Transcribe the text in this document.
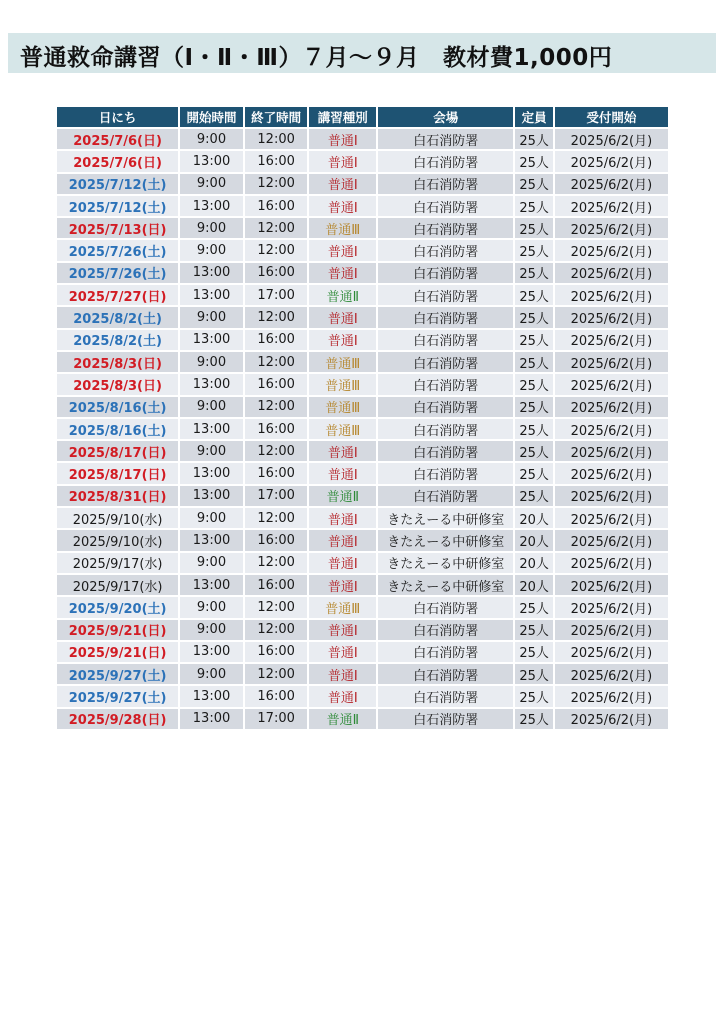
普通救命講習（Ⅰ・Ⅱ・Ⅲ）７月～９月　教材費1,000円
日にち	開始時間	終了時間	講習種別	会場	定員	受付開始
2025/7/6(日)	9:00	12:00	普通Ⅰ	白石消防署	25人	2025/6/2(月)
2025/7/6(日)	13:00	16:00	普通Ⅰ	白石消防署	25人	2025/6/2(月)
2025/7/12(土)	9:00	12:00	普通Ⅰ	白石消防署	25人	2025/6/2(月)
2025/7/12(土)	13:00	16:00	普通Ⅰ	白石消防署	25人	2025/6/2(月)
2025/7/13(日)	9:00	12:00	普通Ⅲ	白石消防署	25人	2025/6/2(月)
2025/7/26(土)	9:00	12:00	普通Ⅰ	白石消防署	25人	2025/6/2(月)
2025/7/26(土)	13:00	16:00	普通Ⅰ	白石消防署	25人	2025/6/2(月)
2025/7/27(日)	13:00	17:00	普通Ⅱ	白石消防署	25人	2025/6/2(月)
2025/8/2(土)	9:00	12:00	普通Ⅰ	白石消防署	25人	2025/6/2(月)
2025/8/2(土)	13:00	16:00	普通Ⅰ	白石消防署	25人	2025/6/2(月)
2025/8/3(日)	9:00	12:00	普通Ⅲ	白石消防署	25人	2025/6/2(月)
2025/8/3(日)	13:00	16:00	普通Ⅲ	白石消防署	25人	2025/6/2(月)
2025/8/16(土)	9:00	12:00	普通Ⅲ	白石消防署	25人	2025/6/2(月)
2025/8/16(土)	13:00	16:00	普通Ⅲ	白石消防署	25人	2025/6/2(月)
2025/8/17(日)	9:00	12:00	普通Ⅰ	白石消防署	25人	2025/6/2(月)
2025/8/17(日)	13:00	16:00	普通Ⅰ	白石消防署	25人	2025/6/2(月)
2025/8/31(日)	13:00	17:00	普通Ⅱ	白石消防署	25人	2025/6/2(月)
2025/9/10(水)	9:00	12:00	普通Ⅰ	きたえーる中研修室	20人	2025/6/2(月)
2025/9/10(水)	13:00	16:00	普通Ⅰ	きたえーる中研修室	20人	2025/6/2(月)
2025/9/17(水)	9:00	12:00	普通Ⅰ	きたえーる中研修室	20人	2025/6/2(月)
2025/9/17(水)	13:00	16:00	普通Ⅰ	きたえーる中研修室	20人	2025/6/2(月)
2025/9/20(土)	9:00	12:00	普通Ⅲ	白石消防署	25人	2025/6/2(月)
2025/9/21(日)	9:00	12:00	普通Ⅰ	白石消防署	25人	2025/6/2(月)
2025/9/21(日)	13:00	16:00	普通Ⅰ	白石消防署	25人	2025/6/2(月)
2025/9/27(土)	9:00	12:00	普通Ⅰ	白石消防署	25人	2025/6/2(月)
2025/9/27(土)	13:00	16:00	普通Ⅰ	白石消防署	25人	2025/6/2(月)
2025/9/28(日)	13:00	17:00	普通Ⅱ	白石消防署	25人	2025/6/2(月)
